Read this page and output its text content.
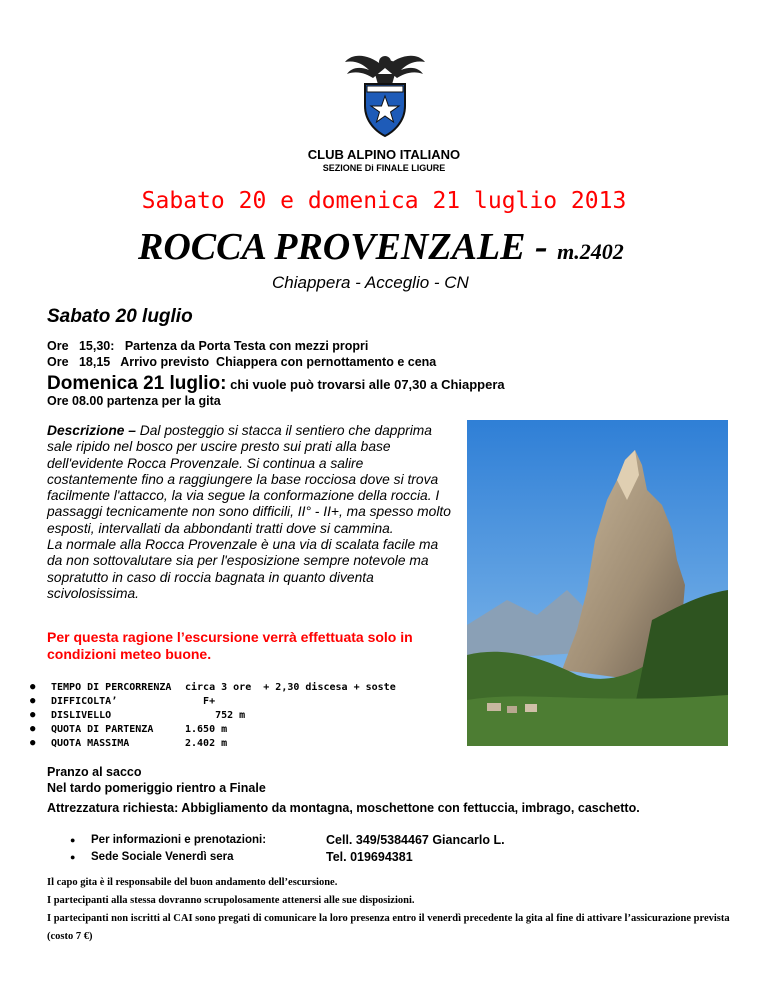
CLUB ALPINO ITALIANO
SEZIONE Di FINALE LIGURE
Sabato 20 e domenica 21 luglio 2013
ROCCA PROVENZALE - m.2402
Chiappera - Acceglio - CN
Sabato 20 luglio
Ore   15,30:   Partenza da Porta Testa con mezzi propri
Ore   18,15   Arrivo previsto  Chiappera con pernottamento e cena
Domenica 21 luglio: chi vuole può trovarsi alle 07,30 a Chiappera
Ore 08.00 partenza per la gita
Descrizione – Dal posteggio si stacca il sentiero che dapprima sale ripido nel bosco per uscire presto sui prati alla base dell'evidente Rocca Provenzale. Si continua a salire costantemente fino a raggiungere la base rocciosa dove si trova facilmente l'attacco, la via segue la conformazione della roccia. I passaggi tecnicamente non sono difficili, II° - II+, ma spesso molto esposti, intervallati da abbondanti tratti dove si cammina.
La normale alla Rocca Provenzale è una via di scalata facile ma da non sottovalutare sia per l'esposizione sempre notevole ma sopratutto in caso di roccia bagnata in quanto diventa scivolosissima.
Per questa ragione l’escursione verrà effettuata solo in condizioni meteo buone.
●	TEMPO DI PERCORRENZA	circa 3 ore  + 2,30 discesa + soste
●	DIFFICOLTA’	F+
●	DISLIVELLO	752 m
●	QUOTA DI PARTENZA	1.650 m
●	QUOTA MASSIMA	2.402 m
Pranzo al sacco
Nel tardo pomeriggio rientro a Finale
Attrezzatura richiesta: Abbigliamento da montagna, moschettone con fettuccia, imbrago, caschetto.
●	Per informazioni e prenotazioni:	Cell. 349/5384467 Giancarlo L.
●	Sede Sociale Venerdì sera	Tel. 019694381
Il capo gita è il responsabile del buon andamento dell’escursione.
I partecipanti alla stessa dovranno scrupolosamente attenersi alle sue disposizioni.
I partecipanti non iscritti al CAI sono pregati di comunicare la loro presenza entro il venerdì precedente la gita al fine di attivare l’assicurazione prevista (costo 7 €)
